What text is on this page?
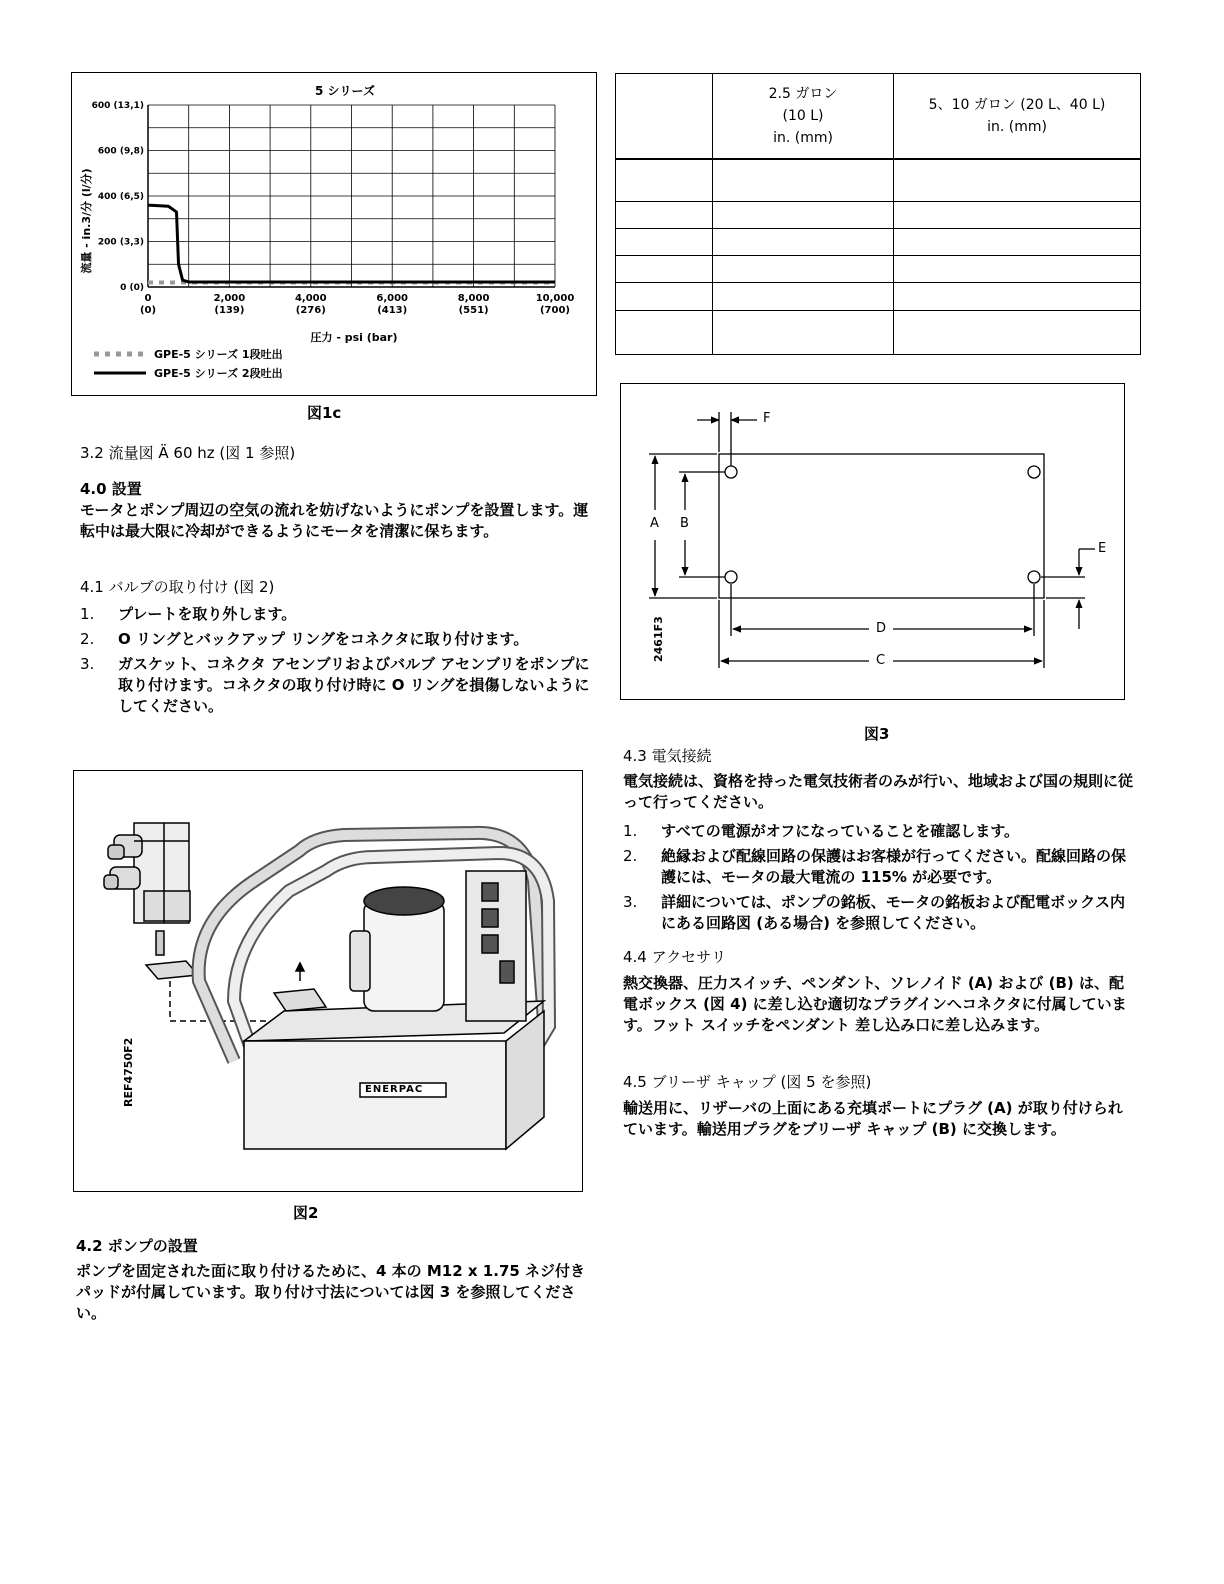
5 シリーズ
0
(0)
2,000
(139)
4,000
(276)
6,000
(413)
8,000
(551)
10,000
(700)
0 (0)
200 (3,3)
400 (6,5)
600 (9,8)
600 (13,1)
圧力 - psi (bar)
流量 - in.3/分 (l/分)
GPE-5 シリーズ 1段吐出
GPE-5 シリーズ 2段吐出
図1c
3.2 流量図 Ä 60 hz (図 1 参照)
4.0 設置
モータとポンプ周辺の空気の流れを妨げないようにポンプを設置します。運転中は最大限に冷却ができるようにモータを清潔に保ちます。
4.1 バルブの取り付け (図 2)
1. プレートを取り外します。
2. O リングとバックアップ リングをコネクタに取り付けます。
3. ガスケット、コネクタ アセンブリおよびバルブ アセンブリをポンプに取り付けます。コネクタの取り付け時に O リングを損傷しないようにしてください。
ENERPAC
REF4750F2
図2
4.2 ポンプの設置
ポンプを固定された面に取り付けるために、4 本の M12 x 1.75 ネジ付きパッドが付属しています。取り付け寸法については図 3 を参照してください。
	2.5 ガロン
(10 L)
in. (mm)	5、10 ガロン (20 L、40 L)
in. (mm)

F
A B
E
D
C
2461F3
図3
4.3 電気接続
電気接続は、資格を持った電気技術者のみが行い、地域および国の規則に従って行ってください。
1. すべての電源がオフになっていることを確認します。
2. 絶縁および配線回路の保護はお客様が行ってください。配線回路の保護には、モータの最大電流の 115% が必要です。
3. 詳細については、ポンプの銘板、モータの銘板および配電ボックス内にある回路図 (ある場合) を参照してください。
4.4 アクセサリ
熱交換器、圧力スイッチ、ペンダント、ソレノイド (A) および (B) は、配電ボックス (図 4) に差し込む適切なプラグインへコネクタに付属しています。フット スイッチをペンダント 差し込み口に差し込みます。
4.5 ブリーザ キャップ (図 5 を参照)
輸送用に、リザーバの上面にある充填ポートにプラグ (A) が取り付けられています。輸送用プラグをブリーザ キャップ (B) に交換します。
